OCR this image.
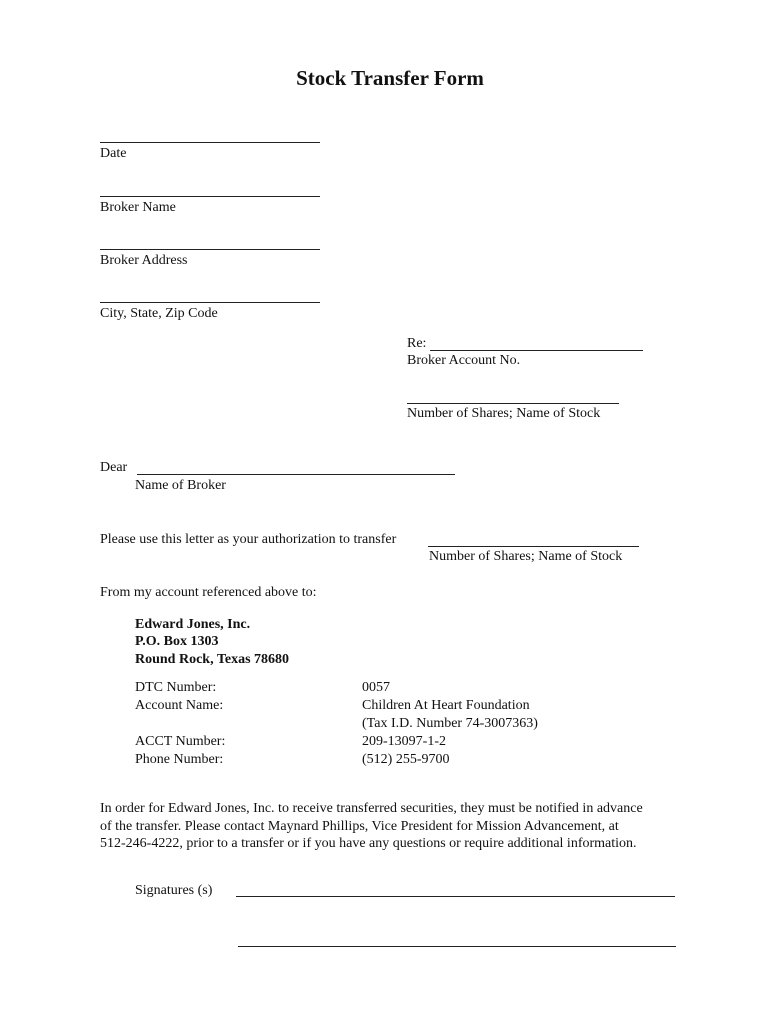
Stock Transfer Form
Date
Broker Name
Broker Address
City, State, Zip Code
Re:
Broker Account No.
Number of Shares; Name of Stock
Dear
Name of Broker
Please use this letter as your authorization to transfer
Number of Shares; Name of Stock
From my account referenced above to:
Edward Jones, Inc.
P.O. Box 1303
Round Rock, Texas 78680
DTC Number:	0057
Account Name:	Children At Heart Foundation
(Tax I.D. Number 74-3007363)
ACCT Number:	209-13097-1-2
Phone Number:	(512) 255-9700
In order for Edward Jones, Inc. to receive transferred securities, they must be notified in advance
of the transfer. Please contact Maynard Phillips, Vice President for Mission Advancement, at
512-246-4222, prior to a transfer or if you have any questions or require additional information.
Signatures (s)
